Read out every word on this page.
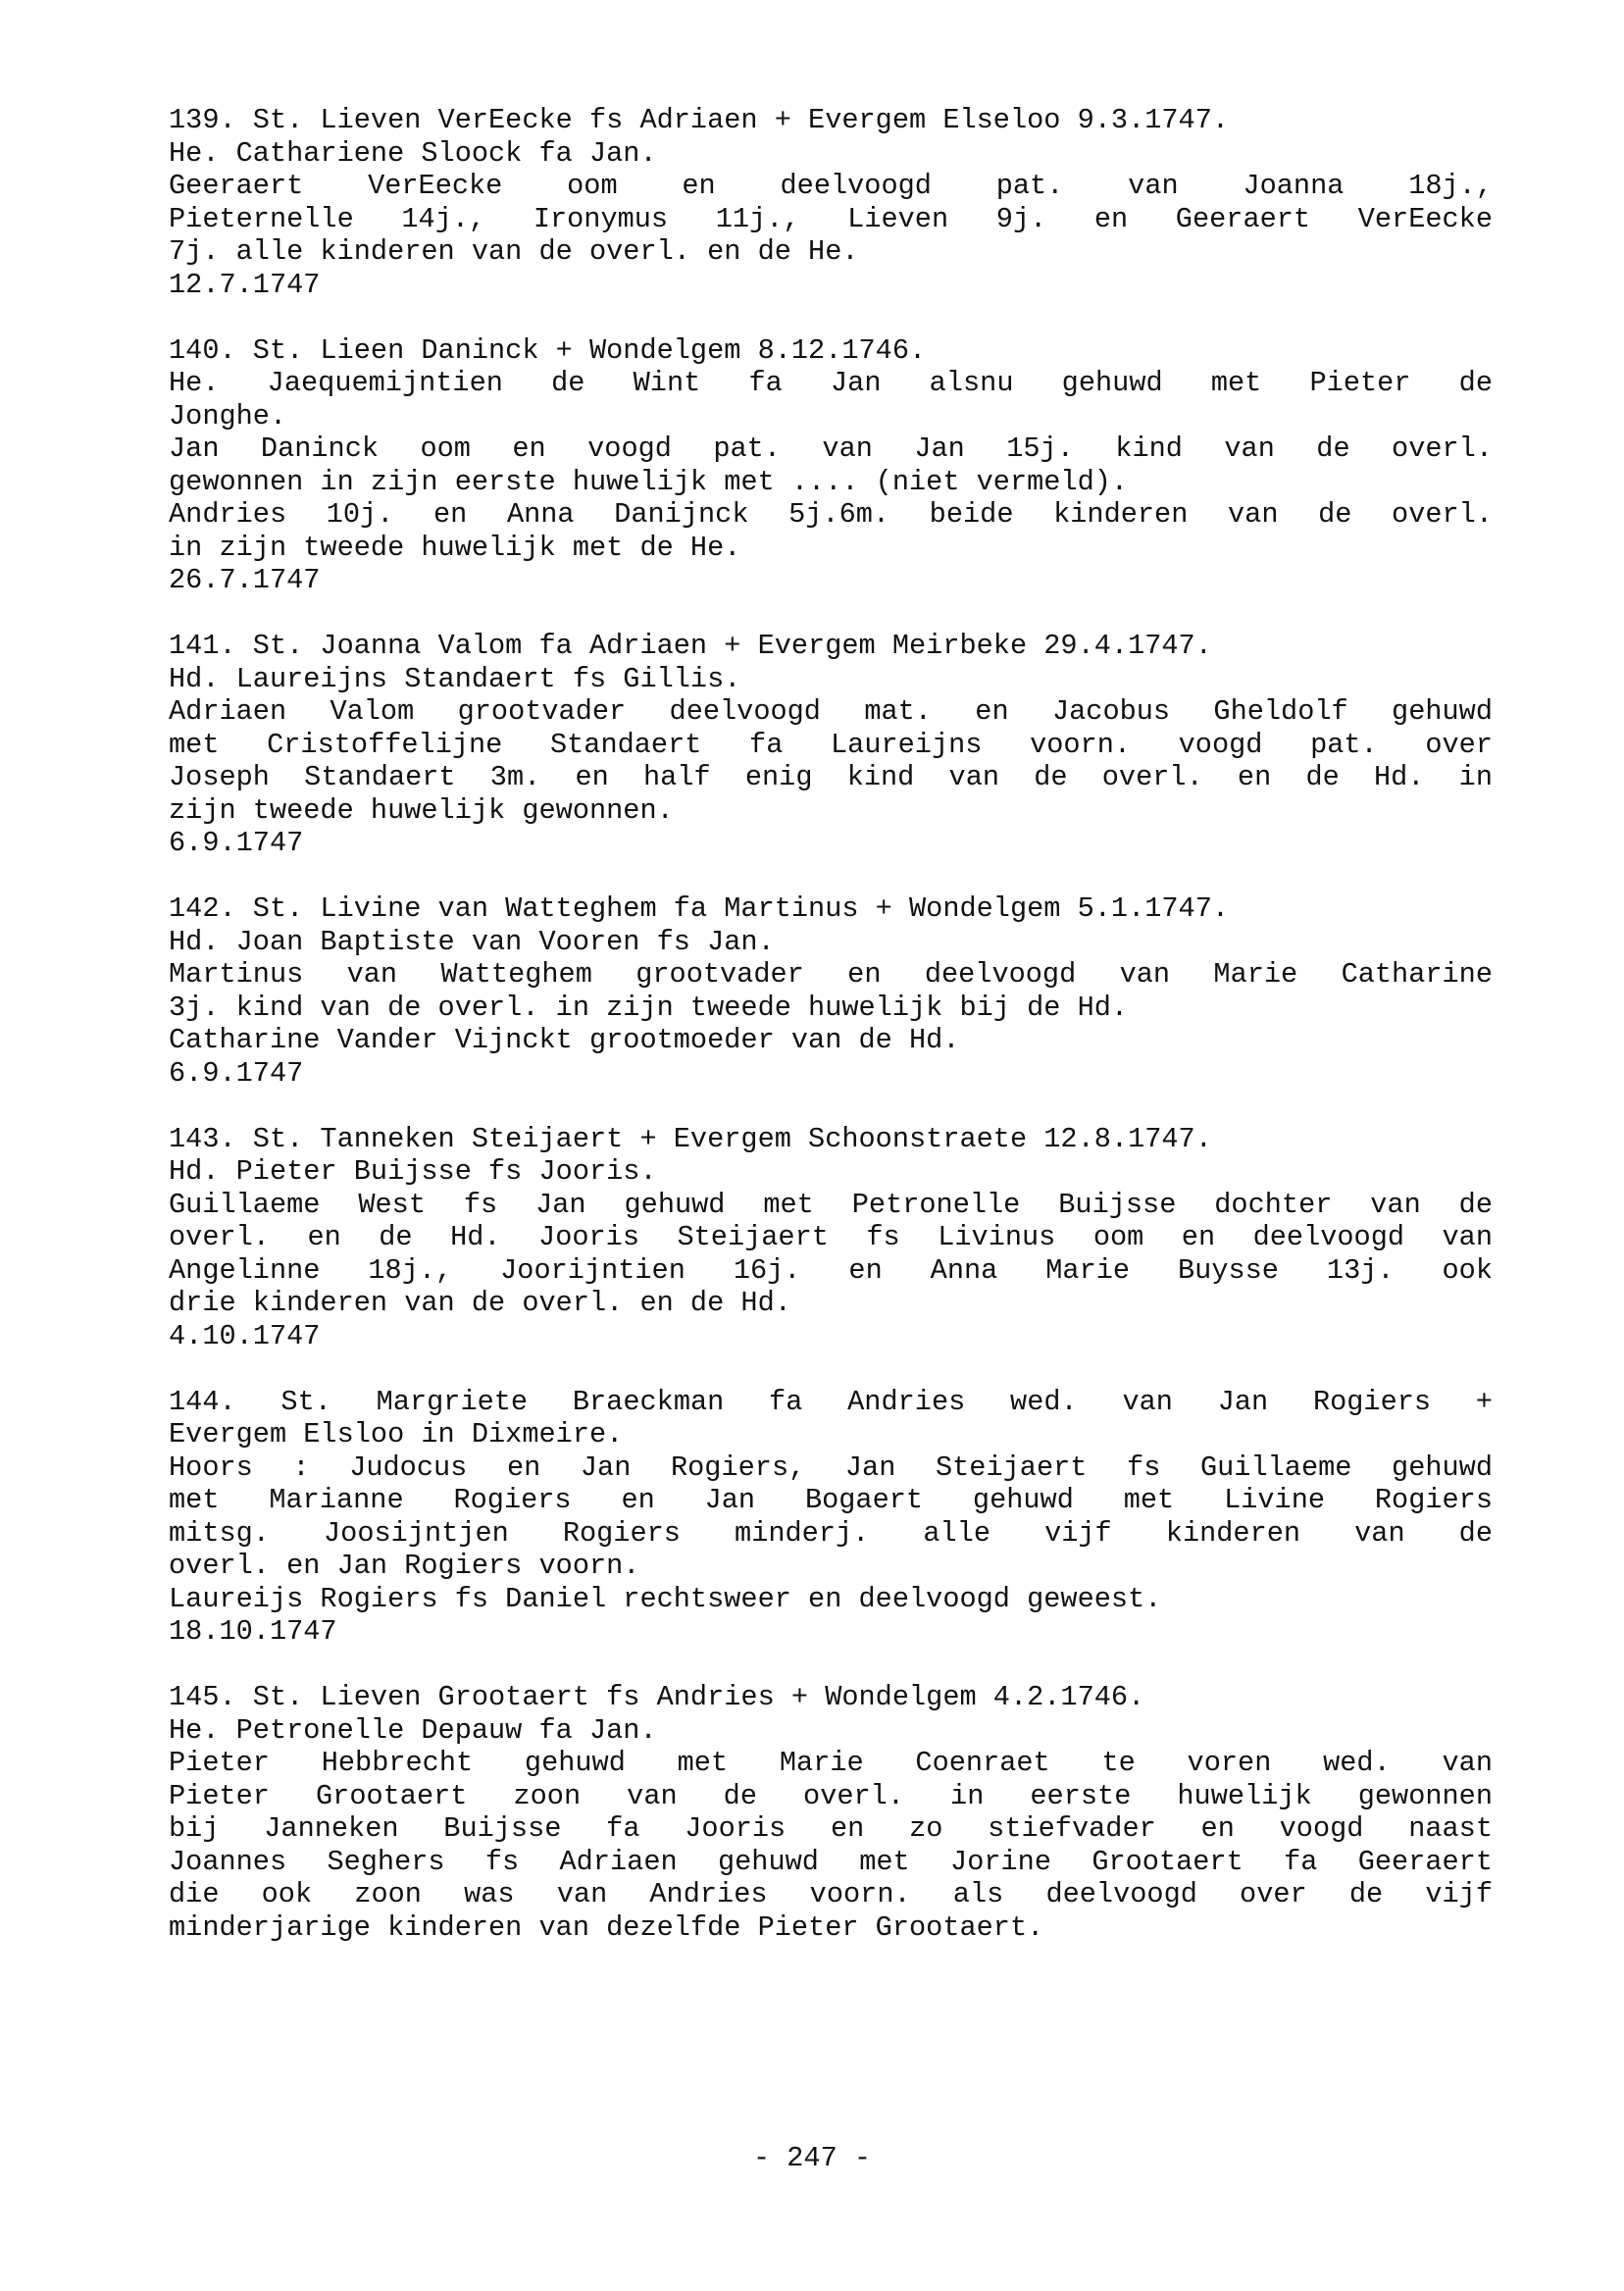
139. St. Lieven VerEecke fs Adriaen + Evergem Elseloo 9.3.1747.
He. Cathariene Sloock fa Jan.
Geeraert VerEecke oom en deelvoogd pat. van Joanna 18j.,
Pieternelle 14j., Ironymus 11j., Lieven 9j. en Geeraert VerEecke
7j. alle kinderen van de overl. en de He.
12.7.1747
140. St. Lieen Daninck + Wondelgem 8.12.1746.
He. Jaequemijntien de Wint fa Jan alsnu gehuwd met Pieter de
Jonghe.
Jan Daninck oom en voogd pat. van Jan 15j. kind van de overl.
gewonnen in zijn eerste huwelijk met .... (niet vermeld).
Andries 10j. en Anna Danijnck 5j.6m. beide kinderen van de overl.
in zijn tweede huwelijk met de He.
26.7.1747
141. St. Joanna Valom fa Adriaen + Evergem Meirbeke 29.4.1747.
Hd. Laureijns Standaert fs Gillis.
Adriaen Valom grootvader deelvoogd mat. en Jacobus Gheldolf gehuwd
met Cristoffelijne Standaert fa Laureijns voorn. voogd pat. over
Joseph Standaert 3m. en half enig kind van de overl. en de Hd. in
zijn tweede huwelijk gewonnen.
6.9.1747
142. St. Livine van Watteghem fa Martinus + Wondelgem 5.1.1747.
Hd. Joan Baptiste van Vooren fs Jan.
Martinus van Watteghem grootvader en deelvoogd van Marie Catharine
3j. kind van de overl. in zijn tweede huwelijk bij de Hd.
Catharine Vander Vijnckt grootmoeder van de Hd.
6.9.1747
143. St. Tanneken Steijaert + Evergem Schoonstraete 12.8.1747.
Hd. Pieter Buijsse fs Jooris.
Guillaeme West fs Jan gehuwd met Petronelle Buijsse dochter van de
overl. en de Hd. Jooris Steijaert fs Livinus oom en deelvoogd van
Angelinne 18j., Joorijntien 16j. en Anna Marie Buysse 13j. ook
drie kinderen van de overl. en de Hd.
4.10.1747
144. St. Margriete Braeckman fa Andries wed. van Jan Rogiers +
Evergem Elsloo in Dixmeire.
Hoors : Judocus en Jan Rogiers, Jan Steijaert fs Guillaeme gehuwd
met Marianne Rogiers en Jan Bogaert gehuwd met Livine Rogiers
mitsg. Joosijntjen Rogiers minderj. alle vijf kinderen van de
overl. en Jan Rogiers voorn.
Laureijs Rogiers fs Daniel rechtsweer en deelvoogd geweest.
18.10.1747
145. St. Lieven Grootaert fs Andries + Wondelgem 4.2.1746.
He. Petronelle Depauw fa Jan.
Pieter Hebbrecht gehuwd met Marie Coenraet te voren wed. van
Pieter Grootaert zoon van de overl. in eerste huwelijk gewonnen
bij Janneken Buijsse fa Jooris en zo stiefvader en voogd naast
Joannes Seghers fs Adriaen gehuwd met Jorine Grootaert fa Geeraert
die ook zoon was van Andries voorn. als deelvoogd over de vijf
minderjarige kinderen van dezelfde Pieter Grootaert.
- 247 -
